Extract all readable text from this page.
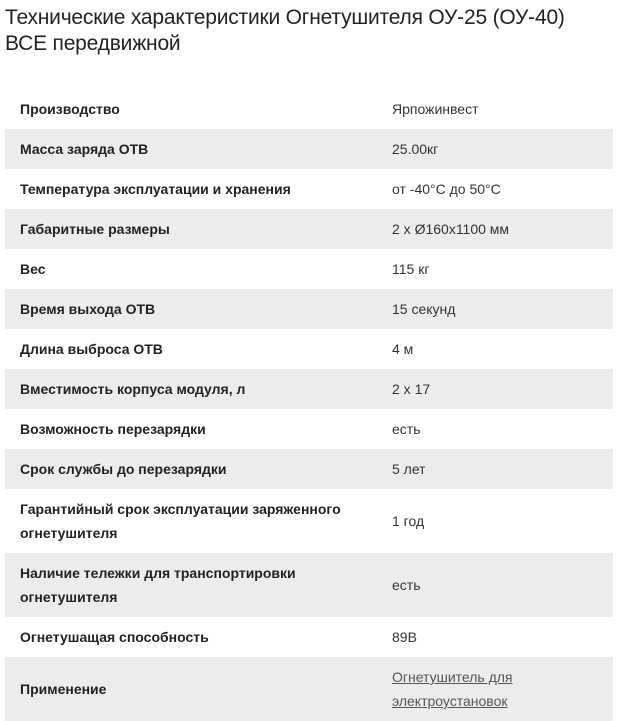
Технические характеристики Огнетушителя ОУ-25 (ОУ-40) ВСЕ передвижной
Производство	Ярпожинвест
Масса заряда ОТВ	25.00кг
Температура эксплуатации и хранения	от -40°С до 50°С
Габаритные размеры	2 х Ø160х1100 мм
Вес	115 кг
Время выхода ОТВ	15 секунд
Длина выброса ОТВ	4 м
Вместимость корпуса модуля, л	2 х 17
Возможность перезарядки	есть
Срок службы до перезарядки	5 лет
Гарантийный срок эксплуатации заряженного огнетушителя	1 год
Наличие тележки для транспортировки огнетушителя	есть
Огнетушащая способность	89В
Применение	Огнетушитель для электроустановок
